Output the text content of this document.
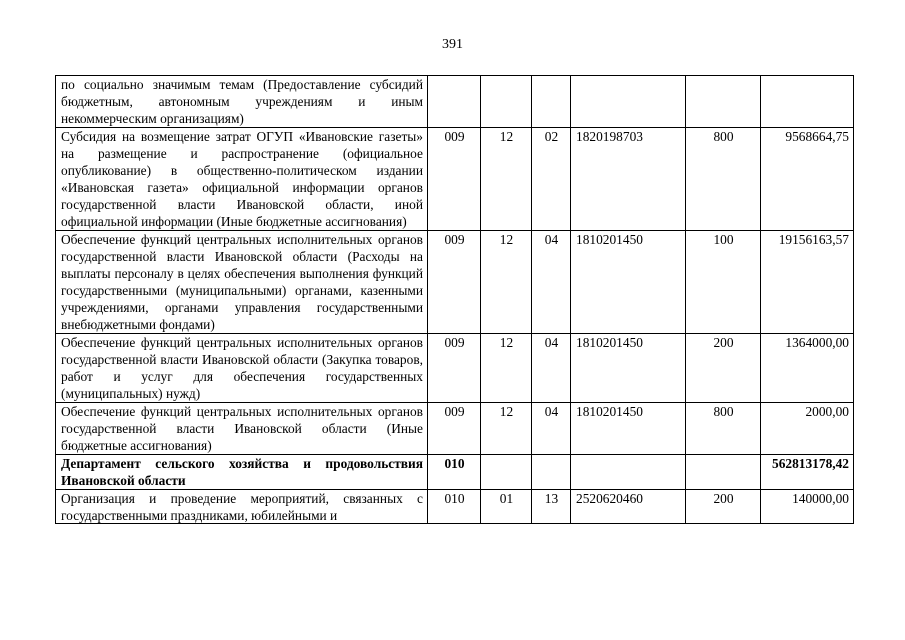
391
по социально значимым темам (Предоставление субсидий бюджетным, автономным учреждениям и иным некоммерческим организациям)						
Субсидия на возмещение затрат ОГУП «Ивановские газеты» на размещение и распространение (официальное опубликование) в общественно-политическом издании «Ивановская газета» официальной информации органов государственной власти Ивановской области, иной официальной информации (Иные бюджетные ассигнования)	009	12	02	1820198703	800	9568664,75
Обеспечение функций центральных исполнительных органов государственной власти Ивановской области (Расходы на выплаты персоналу в целях обеспечения выполнения функций государственными (муниципальными) органами, казенными учреждениями, органами управления государственными внебюджетными фондами)	009	12	04	1810201450	100	19156163,57
Обеспечение функций центральных исполнительных органов государственной власти Ивановской области (Закупка товаров, работ и услуг для обеспечения государственных (муниципальных) нужд)	009	12	04	1810201450	200	1364000,00
Обеспечение функций центральных исполнительных органов государственной власти Ивановской области (Иные бюджетные ассигнования)	009	12	04	1810201450	800	2000,00
Департамент сельского хозяйства и продовольствия Ивановской области	010					562813178,42

Организация и проведение мероприятий, связанных с государственными праздниками, юбилейными и	010	01	13	2520620460	200	140000,00
